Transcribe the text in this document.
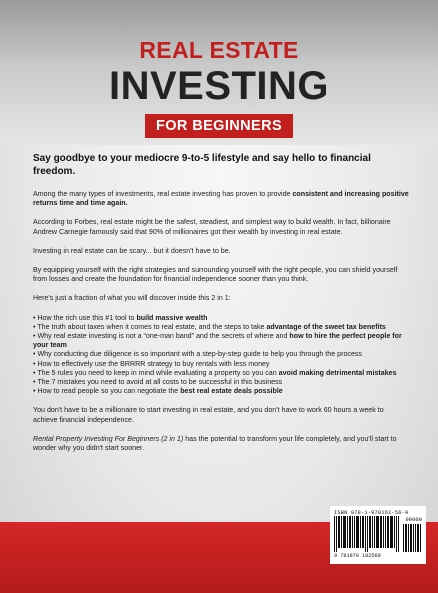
REAL ESTATE
INVESTING
FOR BEGINNERS
Say goodbye to your mediocre 9-to-5 lifestyle and say hello to financial freedom.

Among the many types of investments, real estate investing has proven to provide consistent and increasing positive returns time and time again.

According to Forbes, real estate might be the safest, steadiest, and simplest way to build wealth. In fact, billionaire Andrew Carnegie famously said that 90% of millionaires got their wealth by investing in real estate.

Investing in real estate can be scary... but it doesn't have to be.

By equipping yourself with the right strategies and surrounding yourself with the right people, you can shield yourself from losses and create the foundation for financial independence sooner than you think.

Here's just a fraction of what you will discover inside this 2 in 1:

• How the rich use this #1 tool to build massive wealth
• The truth about taxes when it comes to real estate, and the steps to take advantage of the sweet tax benefits
• Why real estate investing is not a “one-man band” and the secrets of where and how to hire the perfect people for your team
• Why conducting due diligence is so important with a step-by-step guide to help you through the process
• How to effectively use the BRRRR strategy to buy rentals with less money
• The 5 rules you need to keep in mind while evaluating a property so you can avoid making detrimental mistakes
• The 7 mistakes you need to avoid at all costs to be successful in this business
• How to read people so you can negotiate the best real estate deals possible

You don't have to be a millionaire to start investing in real estate, and you don't have to work 60 hours a week to achieve financial independence.

Rental Property Investing For Beginners (2 in 1) has the potential to transform your life completely, and you'll start to wonder why you didn't start sooner.

ISBN 978-1-970162-56-9
90000
9 781970 182569
